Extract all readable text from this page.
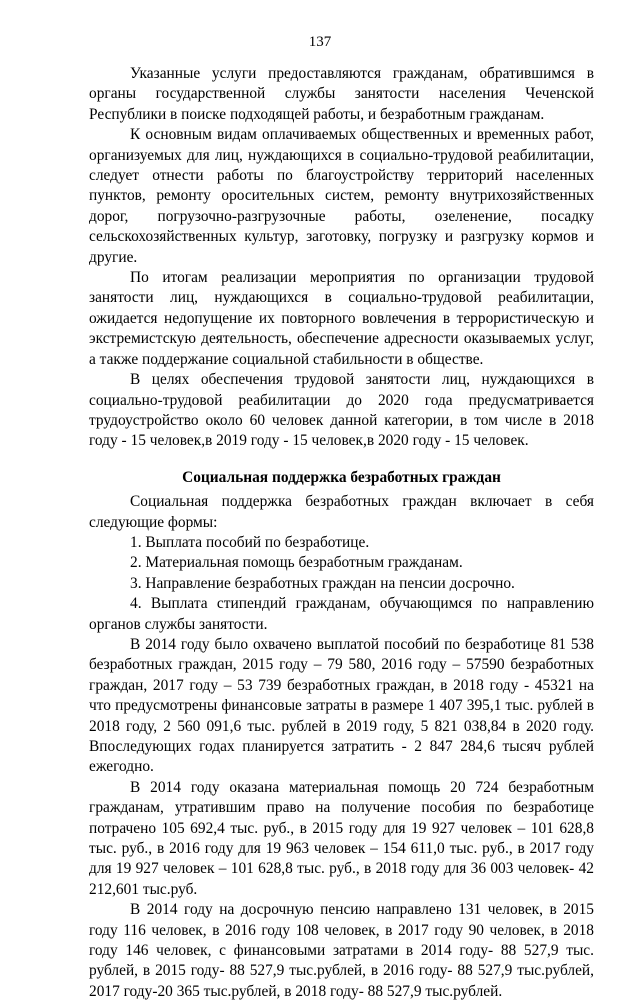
137

Указанные услуги предоставляются гражданам, обратившимся в органы государственной службы занятости населения Чеченской Республики в поиске подходящей работы, и безработным гражданам.

К основным видам оплачиваемых общественных и временных работ, организуемых для лиц, нуждающихся в социально-трудовой реабилитации, следует отнести работы по благоустройству территорий населенных пунктов, ремонту оросительных систем, ремонту внутрихозяйственных дорог, погрузочно-разгрузочные работы, озеленение, посадку сельскохозяйственных культур, заготовку, погрузку и разгрузку кормов и другие.

По итогам реализации мероприятия по организации трудовой занятости лиц, нуждающихся в социально-трудовой реабилитации, ожидается недопущение их повторного вовлечения в террористическую и экстремистскую деятельность, обеспечение адресности оказываемых услуг, а также поддержание социальной стабильности в обществе.

В целях обеспечения трудовой занятости лиц, нуждающихся в социально-трудовой реабилитации до 2020 года предусматривается трудоустройство около 60 человек данной категории, в том числе в 2018 году - 15 человек,в 2019 году - 15 человек,в 2020 году - 15 человек.

Социальная поддержка безработных граждан

Социальная поддержка безработных граждан включает в себя следующие формы:

1. Выплата пособий по безработице.

2. Материальная помощь безработным гражданам.

3. Направление безработных граждан на пенсии досрочно.

4. Выплата стипендий гражданам, обучающимся по направлению органов службы занятости.

В 2014 году было охвачено выплатой пособий по безработице 81 538 безработных граждан, 2015 году – 79 580, 2016 году – 57590 безработных граждан, 2017 году – 53 739 безработных граждан, в 2018 году - 45321 на что предусмотрены финансовые затраты в размере 1 407 395,1 тыс. рублей в 2018 году, 2 560 091,6 тыс. рублей в 2019 году, 5 821 038,84 в 2020 году. Впоследующих годах планируется затратить - 2 847 284,6 тысяч рублей ежегодно.

В 2014 году оказана материальная помощь 20 724 безработным гражданам, утратившим право на получение пособия по безработице потрачено 105 692,4 тыс. руб., в 2015 году для 19 927 человек – 101 628,8 тыс. руб., в 2016 году для 19 963 человек – 154 611,0 тыс. руб., в 2017 году для 19 927 человек – 101 628,8 тыс. руб., в 2018 году для 36 003 человек- 42 212,601 тыс.руб.

В 2014 году на досрочную пенсию направлено 131 человек, в 2015 году 116 человек, в 2016 году 108 человек, в 2017 году 90 человек, в 2018 году 146 человек, с финансовыми затратами в 2014 году- 88 527,9 тыс. рублей, в 2015 году- 88 527,9 тыс.рублей, в 2016 году- 88 527,9 тыс.рублей, 2017 году-20 365 тыс.рублей, в 2018 году- 88 527,9 тыс.рублей.
